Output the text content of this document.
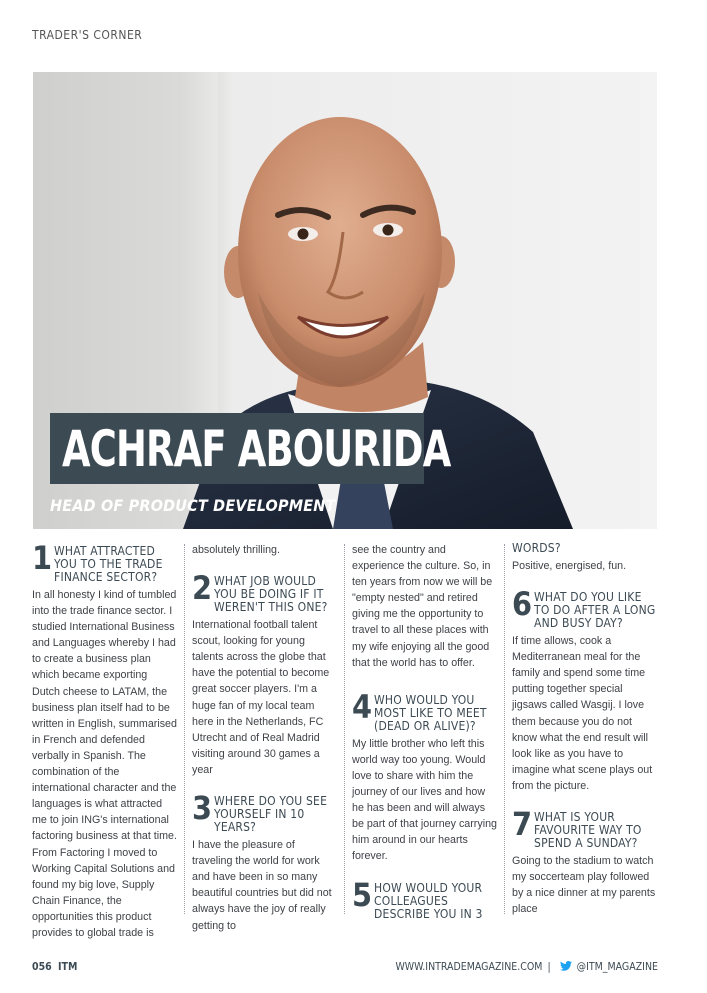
TRADER'S CORNER
ACHRAF ABOURIDA
HEAD OF PRODUCT DEVELOPMENT
1 WHAT ATTRACTED YOU TO THE TRADE FINANCE SECTOR?

In all honesty I kind of tumbled into the trade finance sector. I studied International Business and Languages whereby I had to create a business plan which became exporting Dutch cheese to LATAM, the business plan itself had to be written in English, summarised in French and defended verbally in Spanish. The combination of the international character and the languages is what attracted me to join ING's international factoring business at that time. From Factoring I moved to Working Capital Solutions and found my big love, Supply Chain Finance, the opportunities this product provides to global trade is

absolutely thrilling.

2 WHAT JOB WOULD YOU BE DOING IF IT WEREN'T THIS ONE?

International football talent scout, looking for young talents across the globe that have the potential to become great soccer players. I'm a huge fan of my local team here in the Netherlands, FC Utrecht and of Real Madrid visiting around 30 games a year

3 WHERE DO YOU SEE YOURSELF IN 10 YEARS?

I have the pleasure of traveling the world for work and have been in so many beautiful countries but did not always have the joy of really getting to

see the country and experience the culture. So, in ten years from now we will be "empty nested" and retired giving me the opportunity to travel to all these places with my wife enjoying all the good that the world has to offer.

4 WHO WOULD YOU MOST LIKE TO MEET (DEAD OR ALIVE)?

My little brother who left this world way too young. Would love to share with him the journey of our lives and how he has been and will always be part of that journey carrying him around in our hearts forever.

5 HOW WOULD YOUR COLLEAGUES DESCRIBE YOU IN 3
WORDS?

Positive, energised, fun.

6 WHAT DO YOU LIKE TO DO AFTER A LONG AND BUSY DAY?

If time allows, cook a Mediterranean meal for the family and spend some time putting together special jigsaws called Wasgij. I love them because you do not know what the end result will look like as you have to imagine what scene plays out from the picture.

7 WHAT IS YOUR FAVOURITE WAY TO SPEND A SUNDAY?

Going to the stadium to watch my soccerteam play followed by a nice dinner at my parents place

056 ITM	WWW.INTRADEMAGAZINE.COM | @ITM_MAGAZINE
